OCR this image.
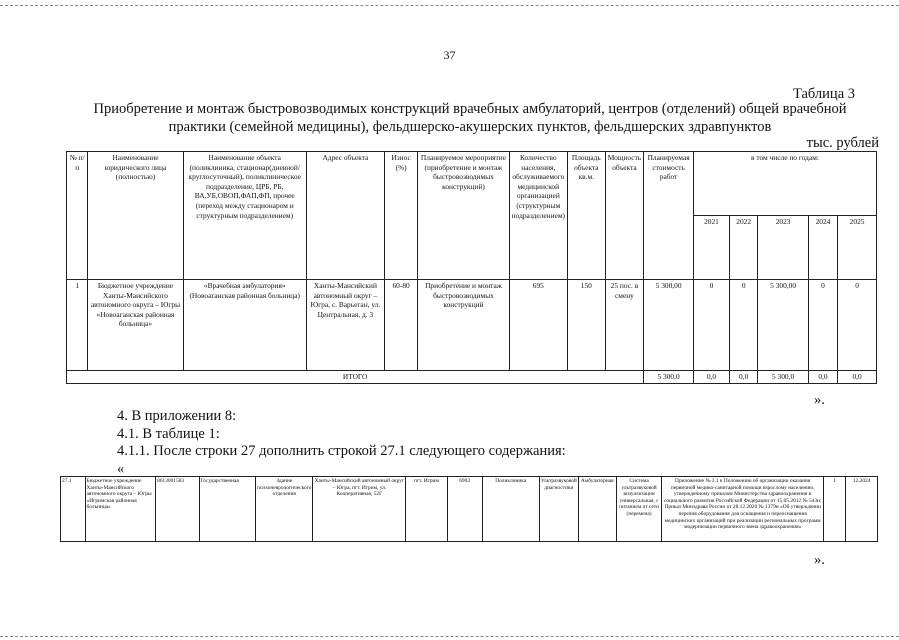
37
Таблица 3
Приобретение и монтаж быстровозводимых конструкций врачебных амбулаторий, центров (отделений) общей врачебной
практики (семейной медицины), фельдшерско-акушерских пунктов, фельдшерских здравпунктов
тыс. рублей
№ п/п	Наименование юридического лица (полностью)	Наименование объекта (поликлиника, стационар(дневной/круглосуточный), поликлиническое подразделение, ЦРБ, РБ, ВА,УБ,ОВОП,ФАП,ФП, прочее (переход между стационаром и структурным подразделением)	Адрес объекта	Износ (%)	Планируемое мероприятие (приобретение и монтаж быстровозводимых конструкций)	Количество населения, обслуживаемого медицинской организацией (структурным подразделением)	Площадь объекта кв.м.	Мощность объекта	Планируемая стоимость работ	в том числе по годам:				
										2021	2022	2023	2024	2025
1	Бюджетное учреждение Ханты-Мансийского автономного округа – Югры «Новоаганская районная больница»	«Врачебная амбулатория» (Новоаганская районная больница)	Ханты-Мансийский автономный округ – Югра, с. Варьеган, ул. Центральная, д. 3	60-80	Приобретение и монтаж быстровозводимых конструкций	695	150	25 пос. в смену	5 300,00	0	0	5 300,00	0	0
ИТОГО									5 300,0	0,0	0,0	5 300,0	0,0	0,0
».
4. В приложении 8:
4.1. В таблице 1:
4.1.1. После строки 27 дополнить строкой 27.1 следующего содержания:
«
27.1	Бюджетное учреждение Ханты-Мансийского автономного округа – Югры «Игримская районная больница»	8613001583	Государственная	Здание психоневрологического отделения	Ханты-Мансийский автономный округ – Югра, пгт. Игрим, ул. Кооперативная, 52Г	пгт. Игрим	6903	Поликлиника	Ультразвуковой диагностики	Амбулаторная	Система ультразвуковой визуализации универсальная, с питанием от сети (перемена)	Приложение № 2.1 к Положению об организации оказания первичной медико-санитарной помощи взрослому населению, утвержденному приказом Министерства здравоохранения и социального развития Российской Федерации от 15.05.2012 № 543н; Приказ Минздрава России от 28.12.2020 № 1379н «Об утверждении перечня оборудования для оснащения и переоснащения медицинских организаций при реализации региональных программ модернизации первичного звена здравоохранения»	1	12.2024
».
